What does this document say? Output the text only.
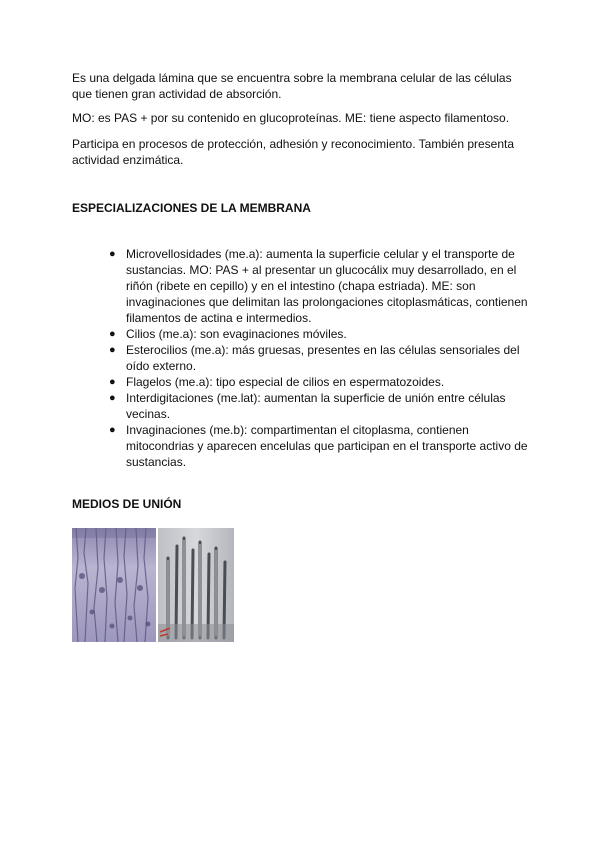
Es una delgada lámina que se encuentra sobre la membrana celular de las células que tienen gran actividad de absorción.

MO: es PAS + por su contenido en glucoproteínas. ME: tiene aspecto filamentoso.

Participa en procesos de protección, adhesión y reconocimiento. También presenta actividad enzimática.

ESPECIALIZACIONES DE LA MEMBRANA
● Microvellosidades (me.a): aumenta la superficie celular y el transporte de sustancias. MO: PAS + al presentar un glucocálix muy desarrollado, en el riñón (ribete en cepillo) y en el intestino (chapa estriada). ME: son invaginaciones que delimitan las prolongaciones citoplasmáticas, contienen filamentos de actina e intermedios.
● Cilios (me.a): son evaginaciones móviles.
● Esterocilios (me.a): más gruesas, presentes en las células sensoriales del oído externo.
● Flagelos (me.a): tipo especial de cilios en espermatozoides.
● Interdigitaciones (me.lat): aumentan la superficie de unión entre células vecinas.
● Invaginaciones (me.b): compartimentan el citoplasma, contienen mitocondrias y aparecen encelulas que participan en el transporte activo de sustancias.
MEDIOS DE UNIÓN
